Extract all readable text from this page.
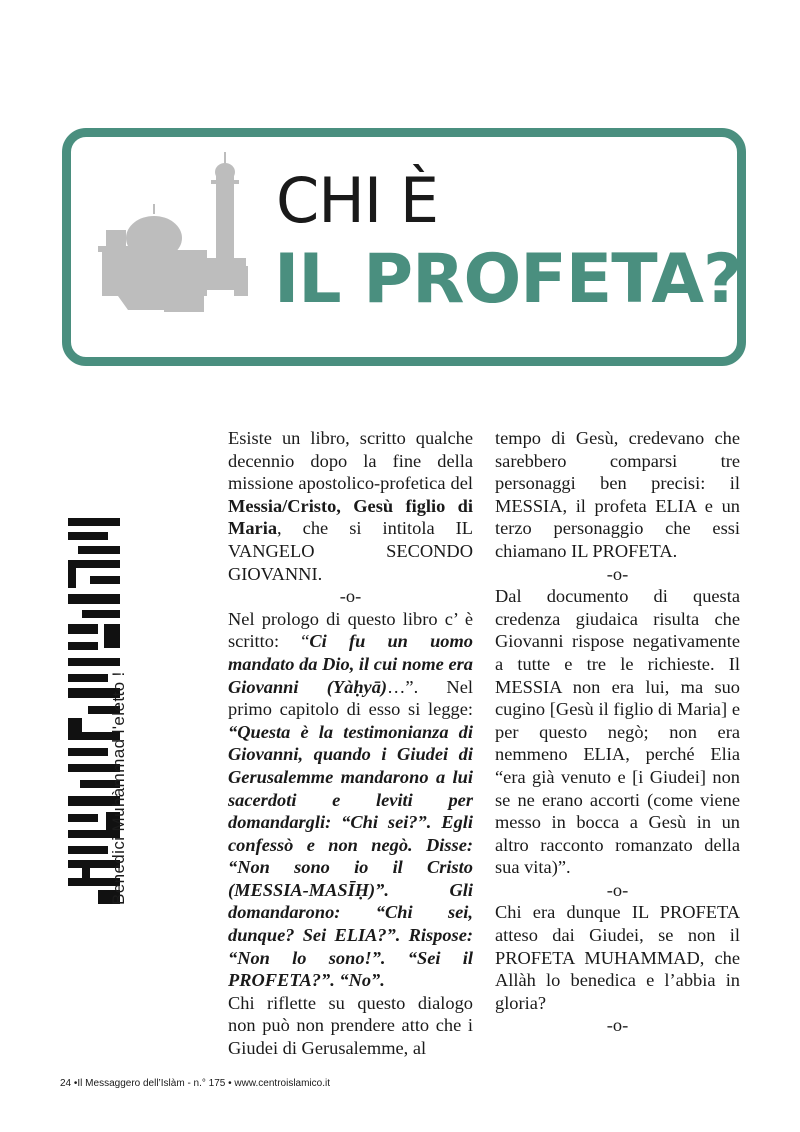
CHI È
IL PROFETA?
Benedici Muhàmmad l'eletto !

Esiste un libro, scritto qualche decennio dopo la fine della missione apostolico-profetica del Messia/Cristo, Gesù figlio di Maria, che si intitola IL VANGELO SECONDO GIOVANNI.

-o-

Nel prologo di questo libro c’ è scritto: “Ci fu un uomo mandato da Dio, il cui nome era Giovanni (Yàḥyā)…”. Nel primo capitolo di esso si legge: “Questa è la testimonianza di Giovanni, quando i Giudei di Gerusalemme mandarono a lui sacerdoti e leviti per domandargli: “Chi sei?”. Egli confessò e non negò. Disse: “Non sono io il Cristo (MESSIA-MASĪḤ)”. Gli domandarono: “Chi sei, dunque? Sei ELIA?”. Rispose: “Non lo sono!”. “Sei il PROFETA?”. “No”.

Chi riflette su questo dialogo non può non prendere atto che i Giudei di Gerusalemme, al

tempo di Gesù, credevano che sarebbero comparsi tre personaggi ben precisi: il MESSIA, il profeta ELIA e un terzo personaggio che essi chiamano IL PROFETA.

-o-

Dal documento di questa credenza giudaica risulta che Giovanni rispose negativamente a tutte e tre le richieste. Il MESSIA non era lui, ma suo cugino [Gesù il figlio di Maria] e per questo negò; non era nemmeno ELIA, perché Elia “era già venuto e [i Giudei] non se ne erano accorti (come viene messo in bocca a Gesù in un altro racconto romanzato della sua vita)”.

-o-

Chi era dunque IL PROFETA atteso dai Giudei, se non il PROFETA MUHAMMAD, che Allàh lo benedica e l’abbia in gloria?

-o-

24 •Il Messaggero dell’Islàm - n.° 175 • www.centroislamico.it
